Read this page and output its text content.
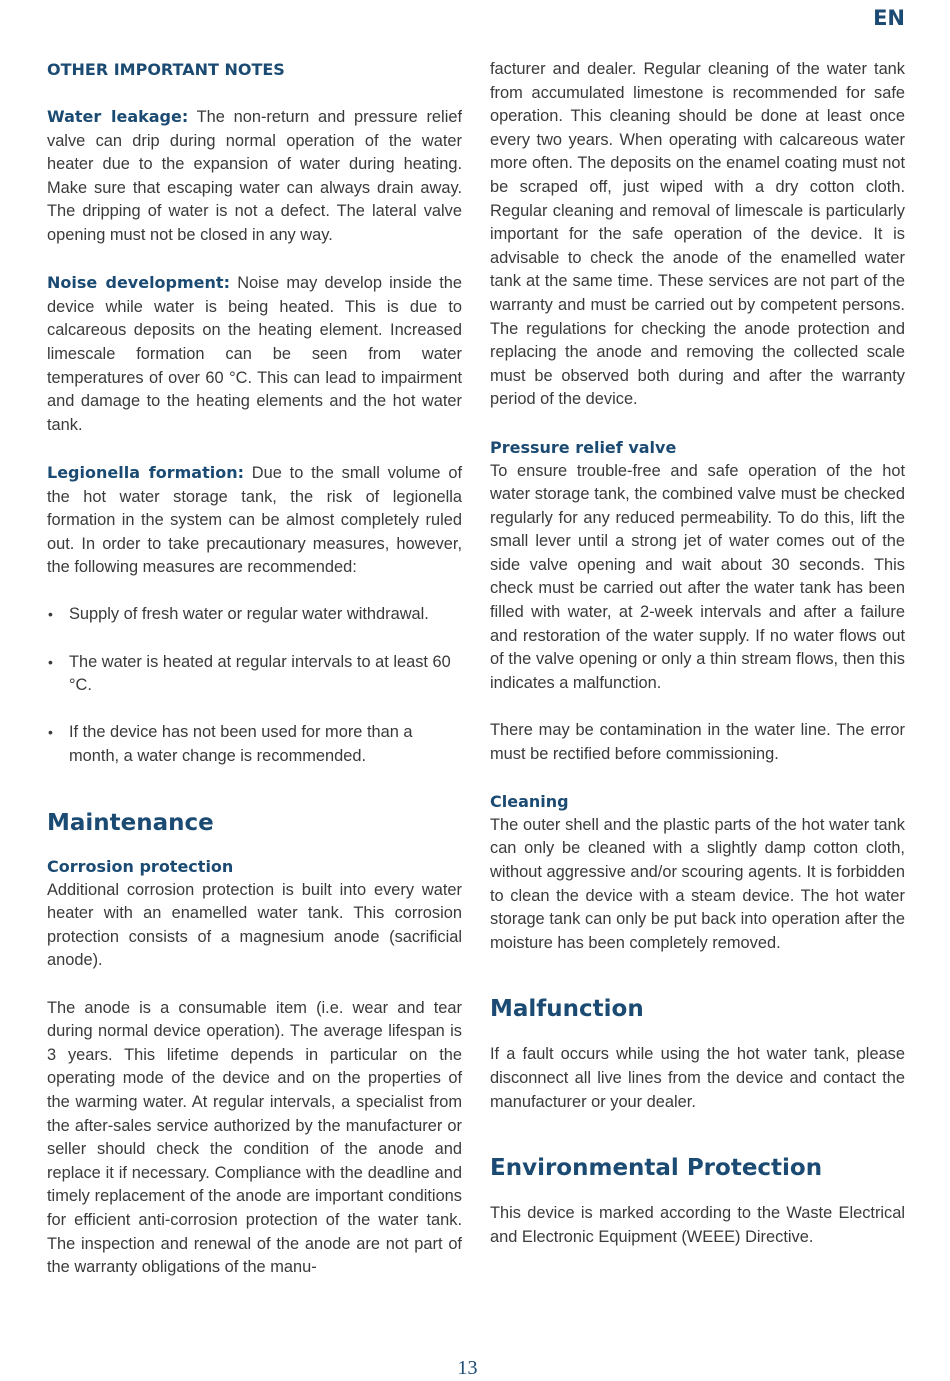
EN
OTHER IMPORTANT NOTES

Water leakage: The non-return and pressure relief valve can drip during normal operation of the water heater due to the expansion of water during heating. Make sure that escaping water can always drain away. The dripping of water is not a defect. The lateral valve opening must not be closed in any way.

Noise development: Noise may develop inside the device while water is being heated. This is due to calcareous deposits on the heating element. Increased limescale formation can be seen from water temperatures of over 60 °C. This can lead to impairment and damage to the heating elements and the hot water tank.

Legionella formation: Due to the small volume of the hot water storage tank, the risk of legionella formation in the system can be almost completely ruled out. In order to take precautionary measures, however, the following measures are recommended:

• Supply of fresh water or regular water withdrawal.
• The water is heated at regular intervals to at least 60 °C.
• If the device has not been used for more than a month, a water change is recommended.
Maintenance
Corrosion protection

Additional corrosion protection is built into every water heater with an enamelled water tank. This corrosion protection consists of a magnesium anode (sacrificial anode).

The anode is a consumable item (i.e. wear and tear during normal device operation). The average lifespan is 3 years. This lifetime depends in particular on the operating mode of the device and on the properties of the warming water. At regular intervals, a specialist from the after-sales service authorized by the manufacturer or seller should check the condition of the anode and replace it if necessary. Compliance with the deadline and timely replacement of the anode are important conditions for efficient anti-corrosion protection of the water tank. The inspection and renewal of the anode are not part of the warranty obligations of the manu-

facturer and dealer. Regular cleaning of the water tank from accumulated limestone is recommended for safe operation. This cleaning should be done at least once every two years. When operating with calcareous water more often. The deposits on the enamel coating must not be scraped off, just wiped with a dry cotton cloth. Regular cleaning and removal of limescale is particularly important for the safe operation of the device. It is advisable to check the anode of the enamelled water tank at the same time. These services are not part of the warranty and must be carried out by competent persons. The regulations for checking the anode protection and replacing the anode and removing the collected scale must be observed both during and after the warranty period of the device.

Pressure relief valve

To ensure trouble-free and safe operation of the hot water storage tank, the combined valve must be checked regularly for any reduced permeability. To do this, lift the small lever until a strong jet of water comes out of the side valve opening and wait about 30 seconds. This check must be carried out after the water tank has been filled with water, at 2-week intervals and after a failure and restoration of the water supply. If no water flows out of the valve opening or only a thin stream flows, then this indicates a malfunction.

There may be contamination in the water line. The error must be rectified before commissioning.

Cleaning

The outer shell and the plastic parts of the hot water tank can only be cleaned with a slightly damp cotton cloth, without aggressive and/or scouring agents. It is forbidden to clean the device with a steam device. The hot water storage tank can only be put back into operation after the moisture has been completely removed.

Malfunction

If a fault occurs while using the hot water tank, please disconnect all live lines from the device and contact the manufacturer or your dealer.

Environmental Protection

This device is marked according to the Waste Electrical and Electronic Equipment (WEEE) Directive.

13
